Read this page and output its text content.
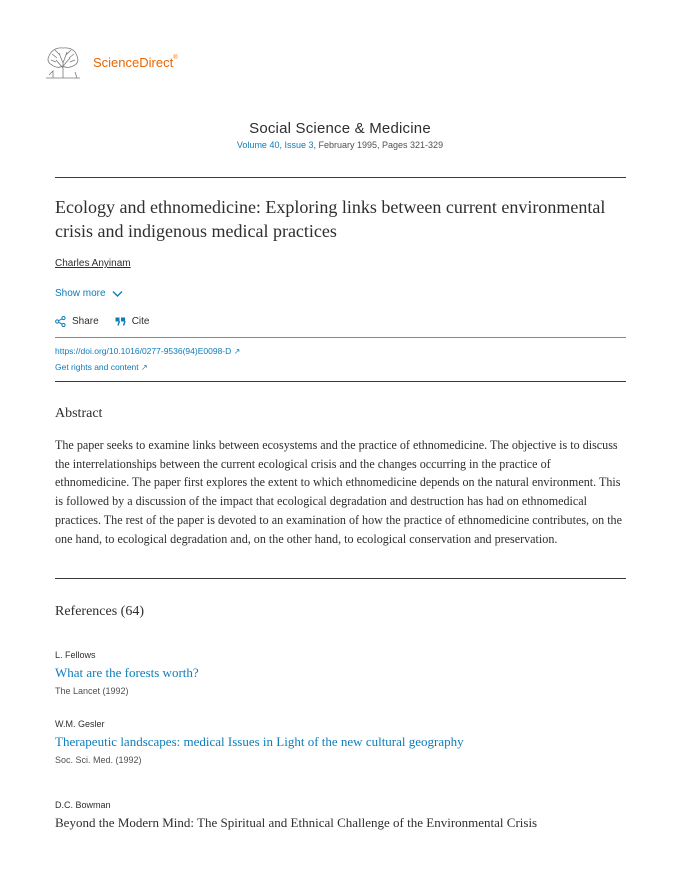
ScienceDirect®
Social Science & Medicine
Volume 40, Issue 3, February 1995, Pages 321-329
Ecology and ethnomedicine: Exploring links between current environmental crisis and indigenous medical practices
Charles Anyinam
Show more
Share	Cite
https://doi.org/10.1016/0277-9536(94)E0098-D ↗
Get rights and content ↗
Abstract

The paper seeks to examine links between ecosystems and the practice of ethnomedicine. The objective is to discuss the interrelationships between the current ecological crisis and the changes occurring in the practice of ethnomedicine. The paper first explores the extent to which ethnomedicine depends on the natural environment. This is followed by a discussion of the impact that ecological degradation and destruction has had on ethnomedical practices. The rest of the paper is devoted to an examination of how the practice of ethnomedicine contributes, on the one hand, to ecological degradation and, on the other hand, to ecological conservation and preservation.

References (64)
L. Fellows
What are the forests worth?
The Lancet (1992)
W.M. Gesler
Therapeutic landscapes: medical Issues in Light of the new cultural geography
Soc. Sci. Med. (1992)
D.C. Bowman
Beyond the Modern Mind: The Spiritual and Ethnical Challenge of the Environmental Crisis
